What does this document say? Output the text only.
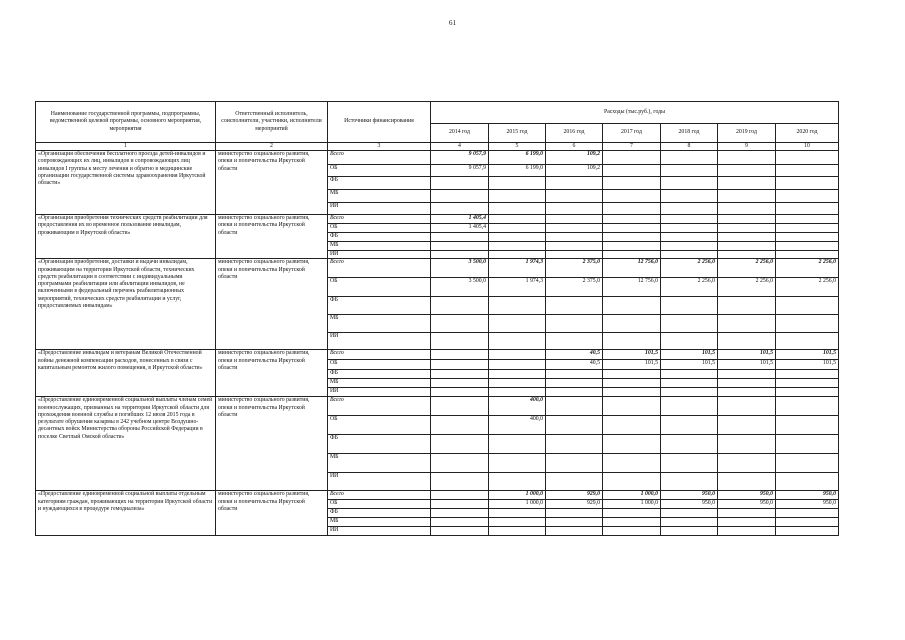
61
Наименование государственной программы, подпрограммы, ведомственной целевой программы, основного мероприятия, мероприятия	Ответственный исполнитель, соисполнители, участники, исполнители мероприятий	Источники финансирования	Расходы (тыс.руб.), годы						
			2014 год	2015 год	2016 год	2017 год	2018 год	2019 год	2020 год
1	2	3	4	5	6	7	8	9	10
«Организация обеспечения бесплатного проезда детей-инвалидов и сопровождающих их лиц, инвалидов и сопровождающих лиц инвалидов I группы к месту лечения и обратно в медицинские организации государственной системы здравоохранения Иркутской области»	министерство социального развития, опеки и попечительства Иркутской области	Всего	9 057,9	6 199,0	109,2				
		ОБ	9 057,9	6 199,0	109,2				
		ФБ							
		МБ							
		ИИ							
«Организация приобретения технических средств реабилитации для предоставления их во временное пользование инвалидам, проживающим в Иркутской области»	министерство социального развития, опеки и попечительства Иркутской области	Всего	1 405,4						
		ОБ	1 405,4						
		ФБ							
		МБ							
		ИИ							
«Организация приобретения, доставки и выдачи инвалидам, проживающим на территории Иркутской области, технических средств реабилитации в соответствии с индивидуальными программами реабилитации или абилитации инвалидов, не включенными в федеральный перечень реабилитационных мероприятий, технических средств реабилитации и услуг, предоставляемых инвалидам»	министерство социального развития, опеки и попечительства Иркутской области	Всего	3 500,0	1 974,3	2 375,0	12 756,0	2 256,0	2 256,0	2 256,0
		ОБ	3 500,0	1 974,3	2 375,0	12 756,0	2 256,0	2 256,0	2 256,0
		ФБ							
		МБ							
		ИИ							
«Предоставление инвалидам и ветеранам Великой Отечественной войны денежной компенсации расходов, понесенных в связи с капитальным ремонтом жилого помещения, в Иркутской области»	министерство социального развития, опеки и попечительства Иркутской области	Всего			40,5	101,5	101,5	101,5	101,5
		ОБ			40,5	101,5	101,5	101,5	101,5
		ФБ							
		МБ							
		ИИ							
«Предоставление единовременной социальной выплаты членам семей военнослужащих, призванных на территории Иркутской области для прохождения военной службы и погибших 12 июля 2015 года в результате обрушения казармы в 242 учебном центре Воздушно-десантных войск Министерства обороны Российской Федерации в поселке Светлый Омской области»	министерство социального развития, опеки и попечительства Иркутской области	Всего		400,0					
		ОБ		400,0					
		ФБ							
		МБ							
		ИИ							
«Предоставление единовременной социальной выплаты отдельным категориям граждан, проживающих на территории Иркутской области и нуждающихся в процедуре гемодиализа»	министерство социального развития, опеки и попечительства Иркутской области	Всего		1 000,0	929,0	1 000,0	950,0	950,0	950,0
		ОБ		1 000,0	929,0	1 000,0	950,0	950,0	950,0
		ФБ							
		МБ							
		ИИ							
